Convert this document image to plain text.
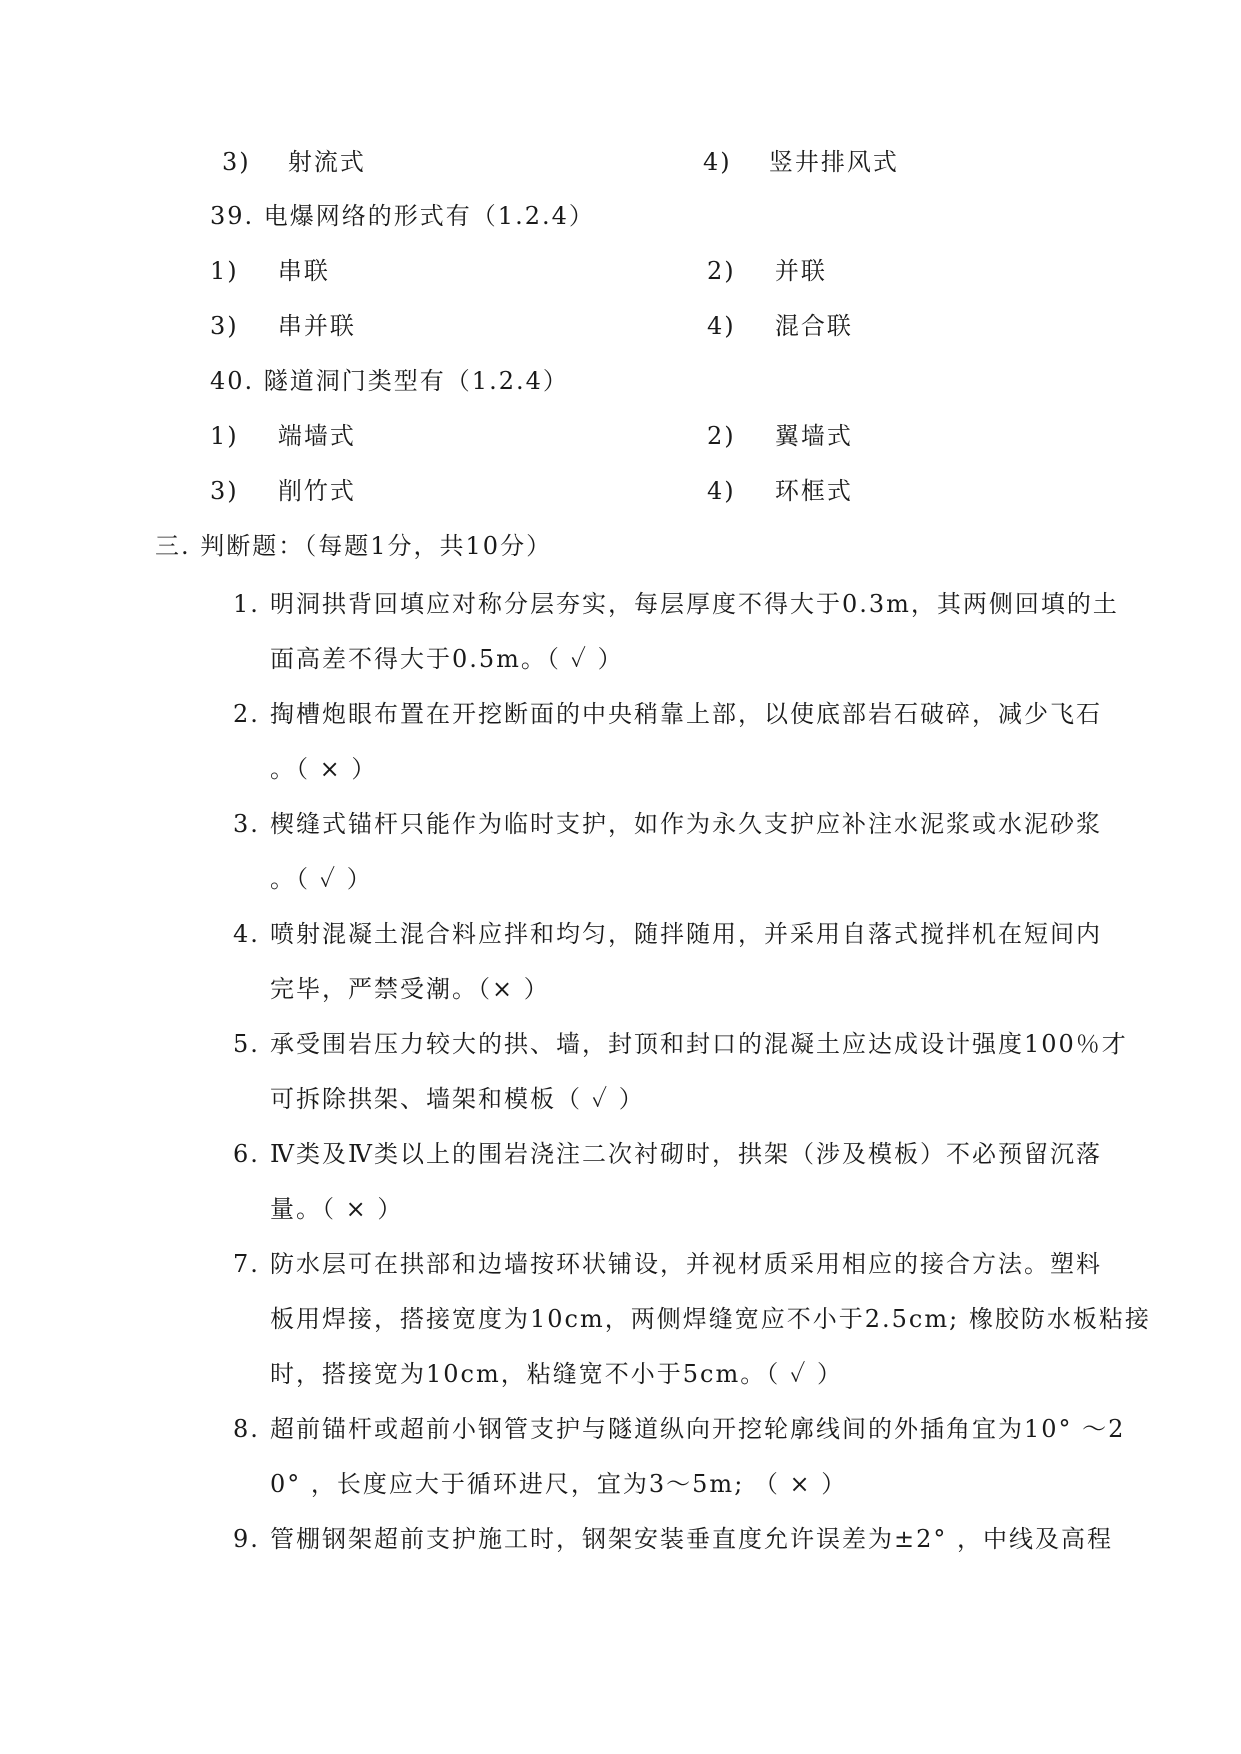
3) 射流式	4) 竖井排风式
39. 电爆网络的形式有（1.2.4）
1) 串联	2) 并联
3) 串并联	4) 混合联
40. 隧道洞门类型有（1.2.4）
1) 端墙式	2) 翼墙式
3) 削竹式	4) 环框式
三. 判断题：（每题1分，共10分）
1. 明洞拱背回填应对称分层夯实，每层厚度不得大于0.3m，其两侧回填的土
面高差不得大于0.5m。（ ✓ ）
2. 掏槽炮眼布置在开挖断面的中央稍靠上部，以使底部岩石破碎，减少飞石
。（ × ）
3. 楔缝式锚杆只能作为临时支护，如作为永久支护应补注水泥浆或水泥砂浆
。（ ✓ ）
4. 喷射混凝土混合料应拌和均匀，随拌随用，并采用自落式搅拌机在短间内
完毕，严禁受潮。（× ）
5. 承受围岩压力较大的拱、墙，封顶和封口的混凝土应达成设计强度100％才
可拆除拱架、墙架和模板（ ✓ ）
6. Ⅳ类及Ⅳ类以上的围岩浇注二次衬砌时，拱架（涉及模板）不必预留沉落
量。（ × ）
7. 防水层可在拱部和边墙按环状铺设，并视材质采用相应的接合方法。塑料
板用焊接，搭接宽度为10cm，两侧焊缝宽应不小于2.5cm; 橡胶防水板粘接
时，搭接宽为10cm，粘缝宽不小于5cm。（ ✓ ）
8. 超前锚杆或超前小钢管支护与隧道纵向开挖轮廓线间的外插角宜为10° ～2
0° ，长度应大于循环进尺，宜为3～5m; （ × ）
9. 管棚钢架超前支护施工时，钢架安装垂直度允许误差为±2° ，中线及高程
